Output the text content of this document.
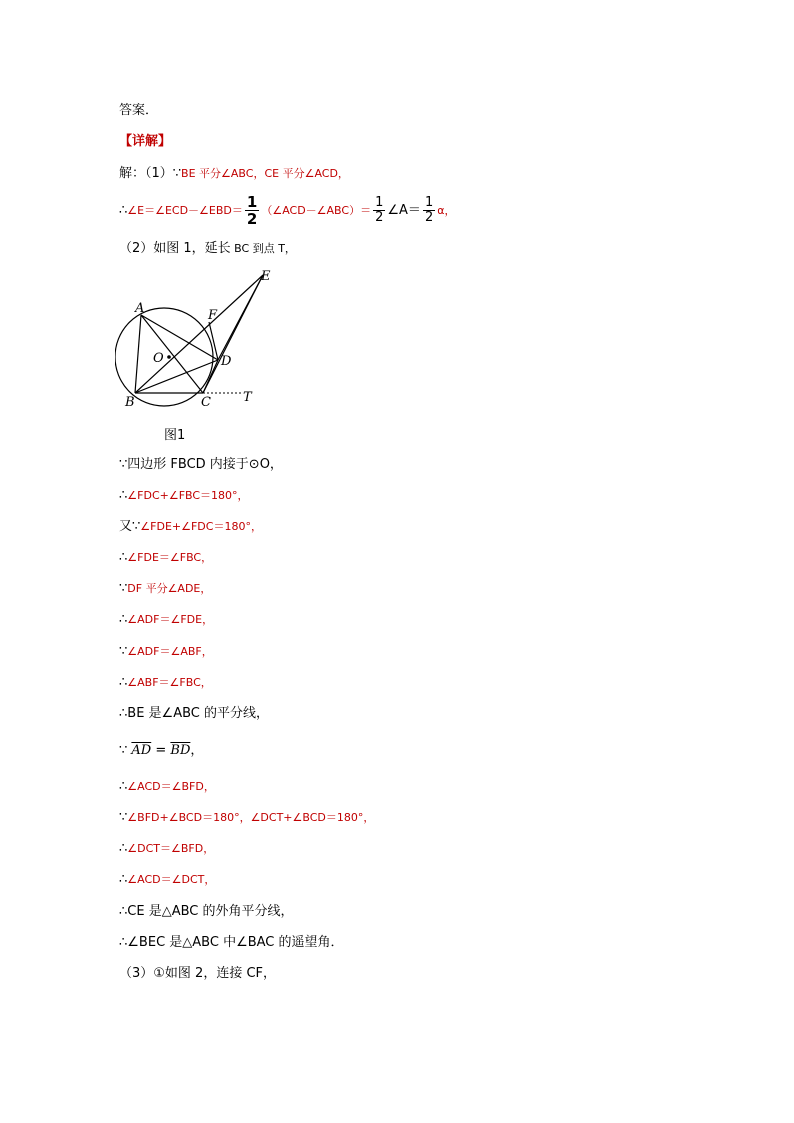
答案．
【详解】
解：（1）∵BE 平分∠ABC，CE 平分∠ACD，
∴∠E＝∠ECD－∠EBD＝ $\frac{1}{2}$ （∠ACD－∠ABC）＝ $\frac{1}{2}$ ∠A＝ $\frac{1}{2}$ α，
（2）如图 1，延长 BC 到点 T，
A
B	C
D
E
F
O
T
图1
∵四边形 FBCD 内接于⊙O，
∴∠FDC+∠FBC＝180°，
又∵∠FDE+∠FDC＝180°，
∴∠FDE＝∠FBC，
∵DF 平分∠ADE，
∴∠ADF＝∠FDE，
∵∠ADF＝∠ABF，
∴∠ABF＝∠FBC，
∴BE 是∠ABC 的平分线，
∵ $\overline{AD} = \overline{BD}$，
∴∠ACD＝∠BFD，
∵∠BFD+∠BCD＝180°，∠DCT+∠BCD＝180°，
∴∠DCT＝∠BFD，
∴∠ACD＝∠DCT，
∴CE 是△ABC 的外角平分线，
∴∠BEC 是△ABC 中∠BAC 的遥望角．
（3）①如图 2，连接 CF，
